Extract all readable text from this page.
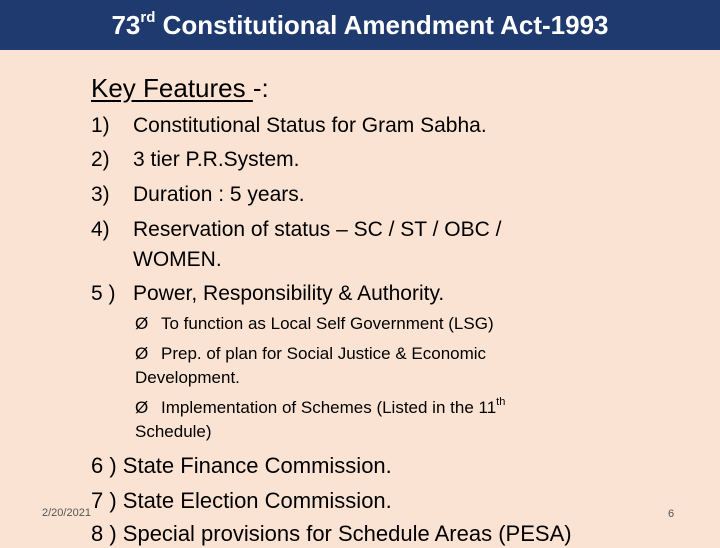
73rd Constitutional Amendment Act-1993
Key Features -:
1) Constitutional Status for Gram Sabha.
2) 3 tier P.R.System.
3) Duration : 5 years.
4) Reservation of status – SC / ST / OBC /
WOMEN.
5 ) Power, Responsibility & Authority.
Ø To function as Local Self Government (LSG)
Ø Prep. of plan for Social Justice & Economic
Development.
Ø Implementation of Schemes (Listed in the 11th
Schedule)
6 ) State Finance Commission.
7 ) State Election Commission.
8 ) Special provisions for Schedule Areas (PESA)
2/20/2021	6
